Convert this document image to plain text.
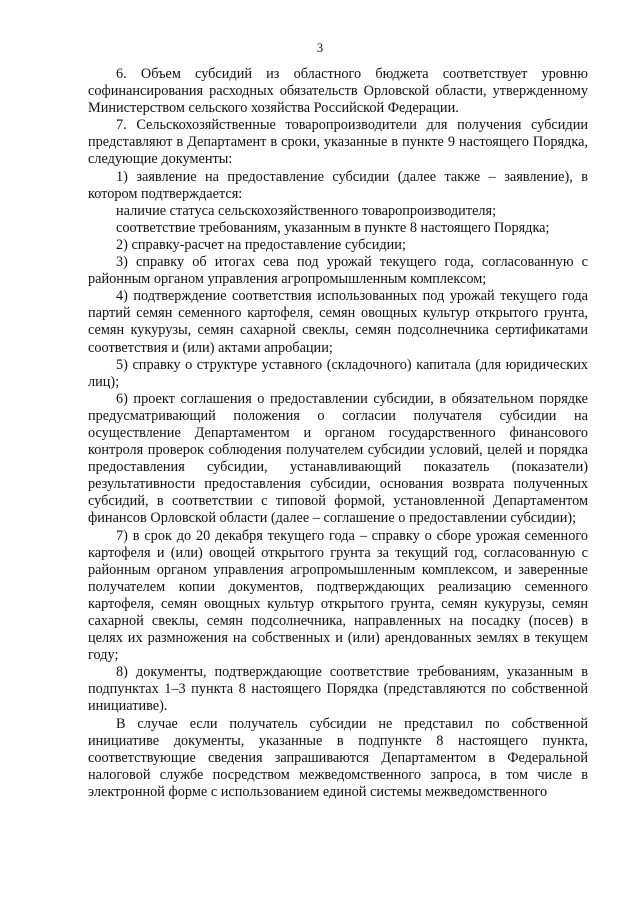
3

6. Объем субсидий из областного бюджета соответствует уровню софинансирования расходных обязательств Орловской области, утвержденному Министерством сельского хозяйства Российской Федерации.

7. Сельскохозяйственные товаропроизводители для получения субсидии представляют в Департамент в сроки, указанные в пункте 9 настоящего Порядка, следующие документы:

1) заявление на предоставление субсидии (далее также – заявление), в котором подтверждается:

наличие статуса сельскохозяйственного товаропроизводителя;

соответствие требованиям, указанным в пункте 8 настоящего Порядка;

2) справку-расчет на предоставление субсидии;

3) справку об итогах сева под урожай текущего года, согласованную с районным органом управления агропромышленным комплексом;

4) подтверждение соответствия использованных под урожай текущего года партий семян семенного картофеля, семян овощных культур открытого грунта, семян кукурузы, семян сахарной свеклы, семян подсолнечника сертификатами соответствия и (или) актами апробации;

5) справку о структуре уставного (складочного) капитала (для юридических лиц);

6) проект соглашения о предоставлении субсидии, в обязательном порядке предусматривающий положения о согласии получателя субсидии на осуществление Департаментом и органом государственного финансового контроля проверок соблюдения получателем субсидии условий, целей и порядка предоставления субсидии, устанавливающий показатель (показатели) результативности предоставления субсидии, основания возврата полученных субсидий, в соответствии с типовой формой, установленной Департаментом финансов Орловской области (далее – соглашение о предоставлении субсидии);

7) в срок до 20 декабря текущего года – справку о сборе урожая семенного картофеля и (или) овощей открытого грунта за текущий год, согласованную с районным органом управления агропромышленным комплексом, и заверенные получателем копии документов, подтверждающих реализацию семенного картофеля, семян овощных культур открытого грунта, семян кукурузы, семян сахарной свеклы, семян подсолнечника, направленных на посадку (посев) в целях их размножения на собственных и (или) арендованных землях в текущем году;

8) документы, подтверждающие соответствие требованиям, указанным в подпунктах 1–3 пункта 8 настоящего Порядка (представляются по собственной инициативе).

В случае если получатель субсидии не представил по собственной инициативе документы, указанные в подпункте 8 настоящего пункта, соответствующие сведения запрашиваются Департаментом в Федеральной налоговой службе посредством межведомственного запроса, в том числе в электронной форме с использованием единой системы межведомственного
